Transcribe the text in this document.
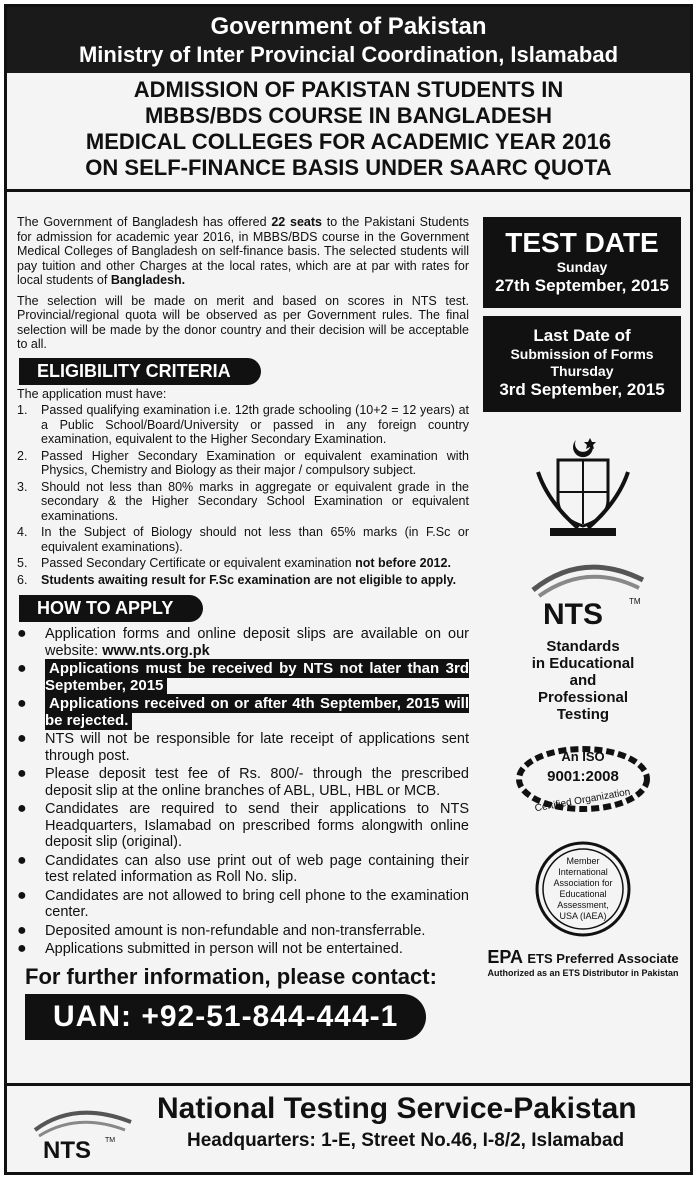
Government of Pakistan
Ministry of Inter Provincial Coordination, Islamabad
ADMISSION OF PAKISTAN STUDENTS IN
MBBS/BDS COURSE IN BANGLADESH
MEDICAL COLLEGES FOR ACADEMIC YEAR 2016
ON SELF-FINANCE BASIS UNDER SAARC QUOTA

The Government of Bangladesh has offered 22 seats to the Pakistani Students for admission for academic year 2016, in MBBS/BDS course in the Government Medical Colleges of Bangladesh on self-finance basis. The selected students will pay tuition and other Charges at the local rates, which are at par with rates for local students of Bangladesh.

The selection will be made on merit and based on scores in NTS test. Provincial/regional quota will be observed as per Government rules. The final selection will be made by the donor country and their decision will be acceptable to all.

ELIGIBILITY CRITERIA
The application must have:
1.	Passed qualifying examination i.e. 12th grade schooling (10+2 = 12 years) at a Public School/Board/University or passed in any foreign country examination, equivalent to the Higher Secondary Examination.
2.	Passed Higher Secondary Examination or equivalent examination with Physics, Chemistry and Biology as their major / compulsory subject.
3.	Should not less than 80% marks in aggregate or equivalent grade in the secondary & the Higher Secondary School Examination or equivalent examinations.
4.	In the Subject of Biology should not less than 65% marks (in F.Sc or equivalent examinations).
5.	Passed Secondary Certificate or equivalent examination not before 2012.
6.	Students awaiting result for F.Sc examination are not eligible to apply.
HOW TO APPLY
●	Application forms and online deposit slips are available on our website: www.nts.org.pk
●	Applications must be received by NTS not later than 3rd September, 2015
●	Applications received on or after 4th September, 2015 will be rejected.
●	NTS will not be responsible for late receipt of applications sent through post.
●	Please deposit test fee of Rs. 800/- through the prescribed deposit slip at the online branches of ABL, UBL, HBL or MCB.
●	Candidates are required to send their applications to NTS Headquarters, Islamabad on prescribed forms alongwith online deposit slip (original).
●	Candidates can also use print out of web page containing their test related information as Roll No. slip.
●	Candidates are not allowed to bring cell phone to the examination center.
●	Deposited amount is non-refundable and non-transferrable.
●	Applications submitted in person will not be entertained.
For further information, please contact:
UAN: +92-51-844-444-1
TEST DATE
Sunday
27th September, 2015
Last Date of
Submission of Forms
Thursday
3rd September, 2015
NTS	TM
Standards
in Educational
and
Professional
Testing
An ISO
9001:2008
Certified Organization
Member
International
Association for
Educational
Assessment,
USA (IAEA)
EPA ETS Preferred Associate
Authorized as an ETS Distributor in Pakistan
NTS TM
National Testing Service-Pakistan
Headquarters: 1-E, Street No.46, I-8/2, Islamabad
